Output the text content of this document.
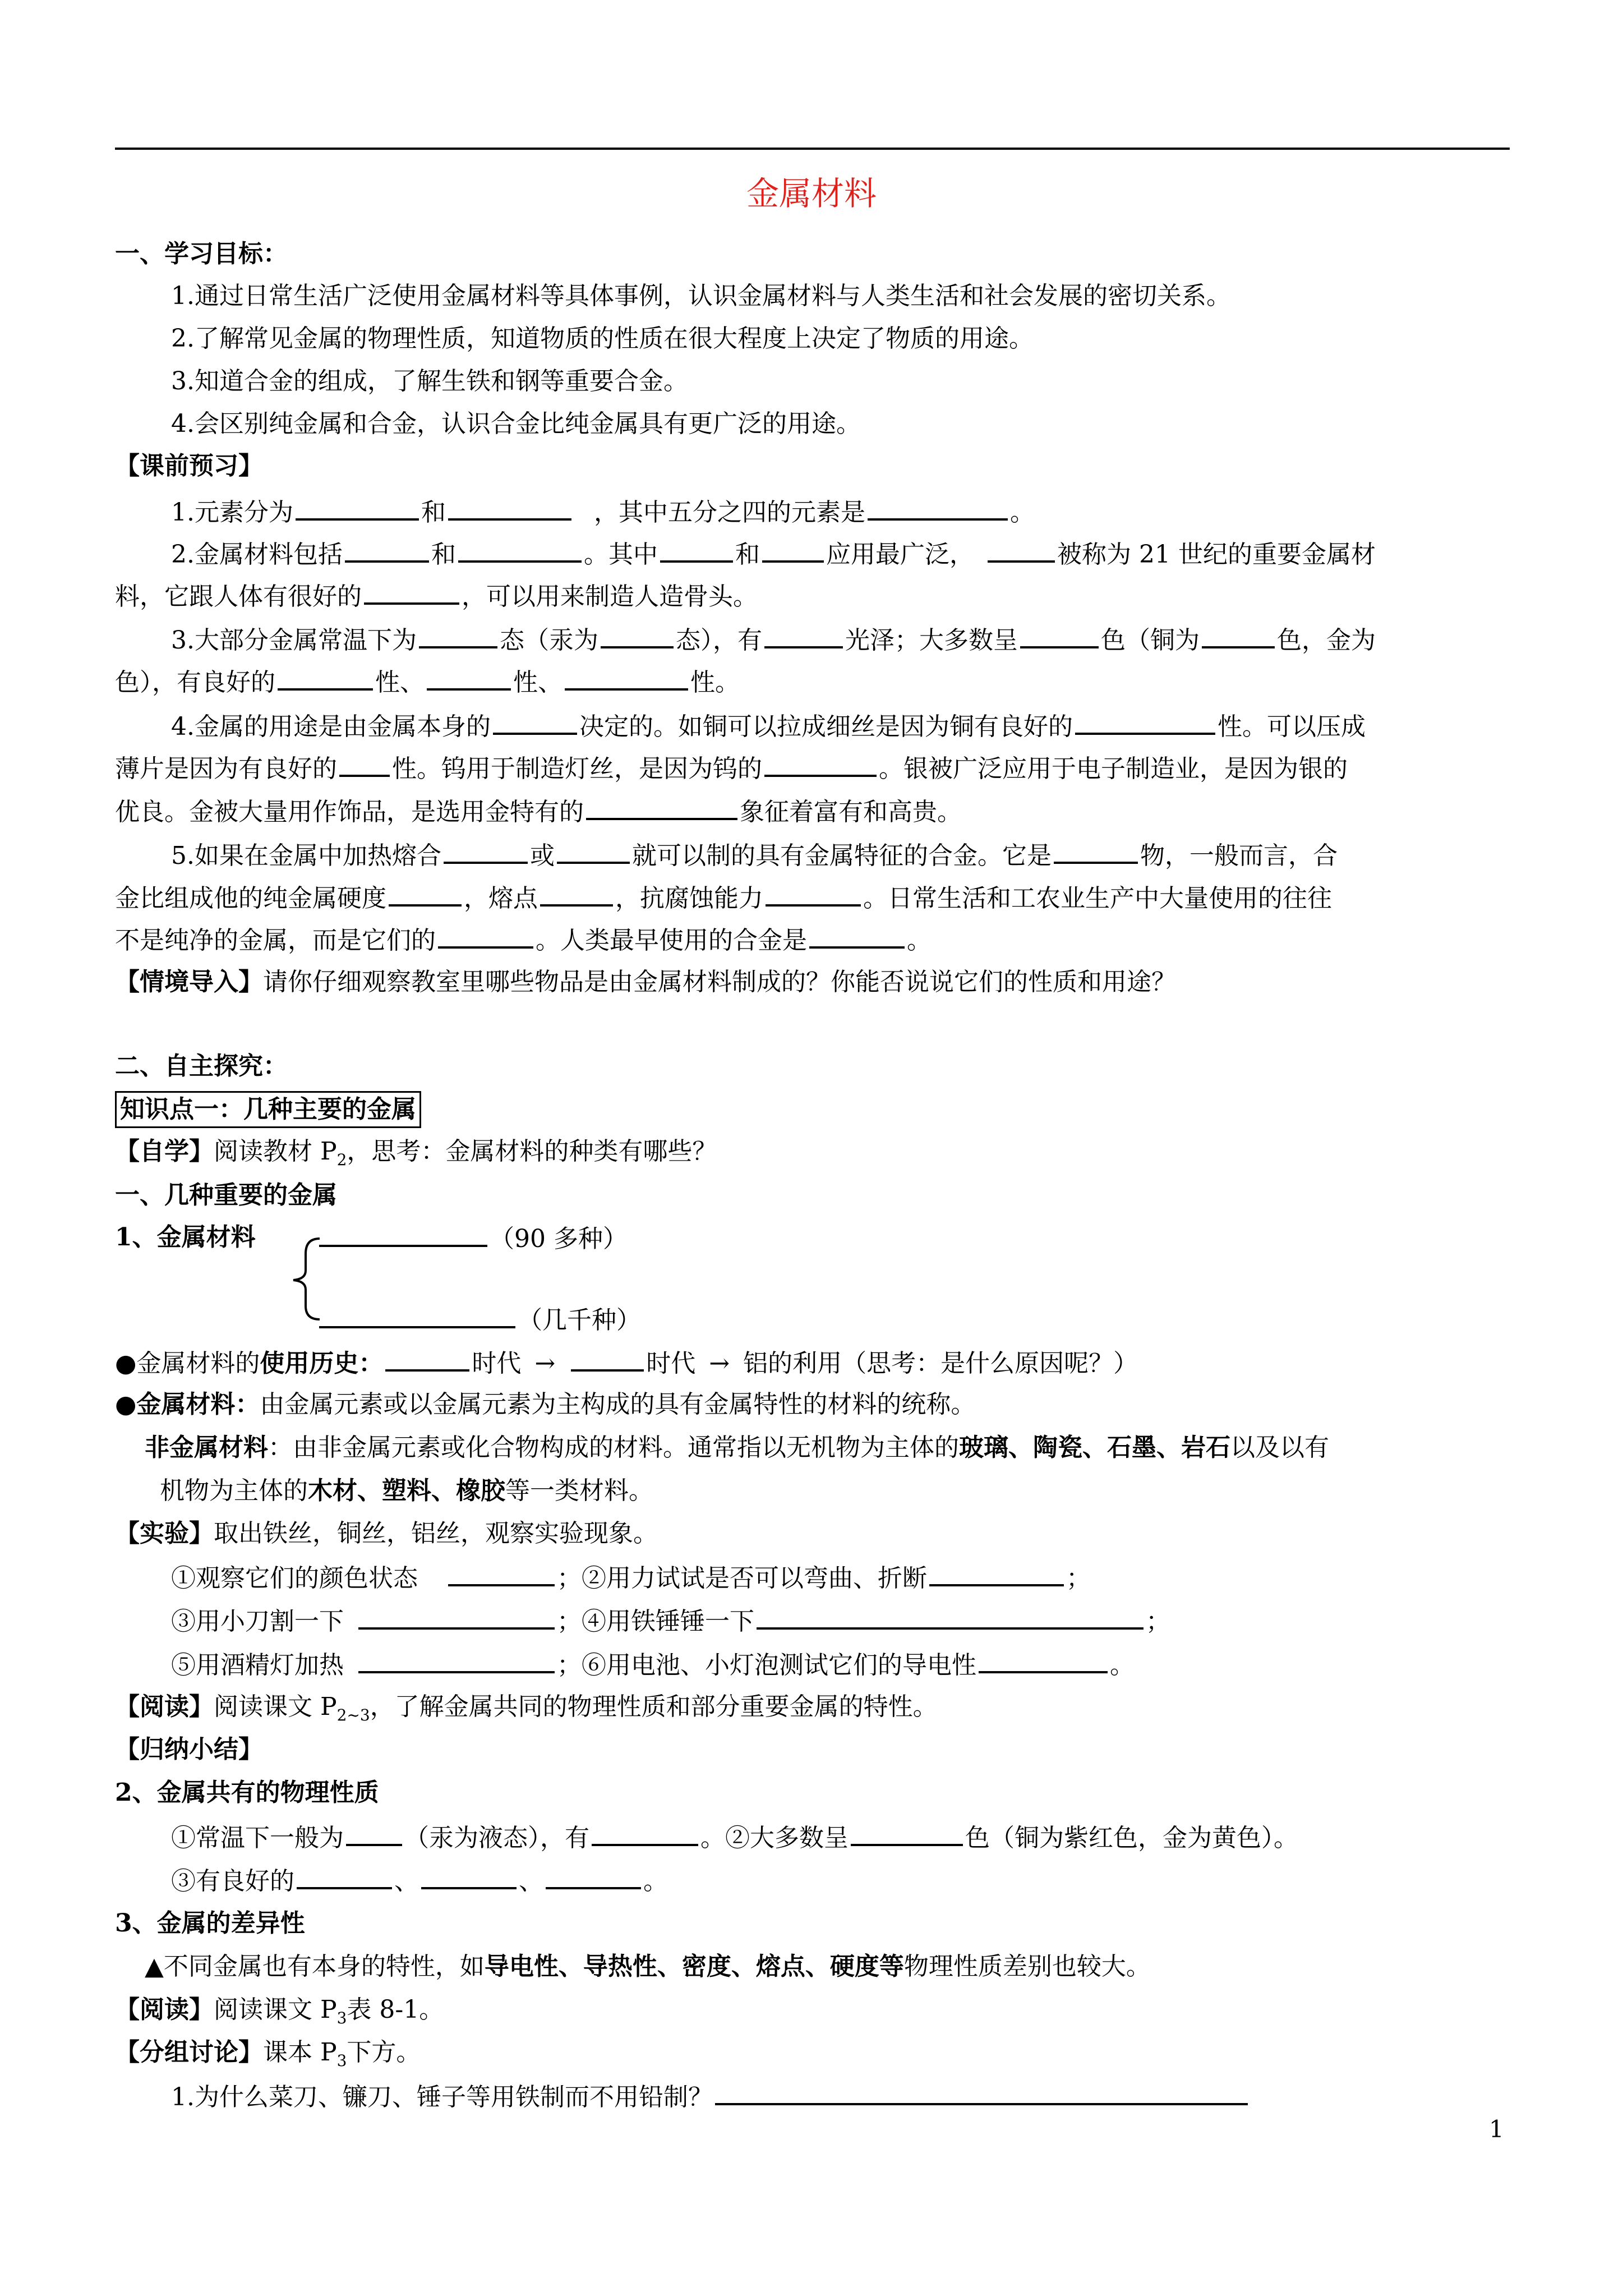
金属材料
一、学习目标：
1.通过日常生活广泛使用金属材料等具体事例，认识金属材料与人类生活和社会发展的密切关系。
2.了解常见金属的物理性质，知道物质的性质在很大程度上决定了物质的用途。
3.知道合金的组成，了解生铁和钢等重要合金。
4.会区别纯金属和合金，认识合金比纯金属具有更广泛的用途。
【课前预习】
1.元素分为	和	，其中五分之四的元素是	。
2.金属材料包括	和	。其中	和	应用最广泛，	被称为 21 世纪的重要金属材
料，它跟人体有很好的	，可以用来制造人造骨头。
3.大部分金属常温下为	态（汞为	态），有	光泽；大多数呈	色（铜为	色，金为
色），有良好的	性、	性、	性。
4.金属的用途是由金属本身的	决定的。如铜可以拉成细丝是因为铜有良好的	性。可以压成
薄片是因为有良好的 性。钨用于制造灯丝，是因为钨的	。银被广泛应用于电子制造业，是因为银的
优良。金被大量用作饰品，是选用金特有的	象征着富有和高贵。
5.如果在金属中加热熔合	或	就可以制的具有金属特征的合金。它是	物，一般而言，合
金比组成他的纯金属硬度	，熔点	，抗腐蚀能力	。日常生活和工农业生产中大量使用的往往
不是纯净的金属，而是它们的	。人类最早使用的合金是	。
【情境导入】请你仔细观察教室里哪些物品是由金属材料制成的？你能否说说它们的性质和用途？
二、自主探究：
知识点一：几种主要的金属
【自学】阅读教材 $P_2$，思考：金属材料的种类有哪些？
一、几种重要的金属
1、金属材料	（90 多种）
（几千种）
●金属材料的使用历史：	时代 →	时代 → 铝的利用（思考：是什么原因呢？）
●金属材料：由金属元素或以金属元素为主构成的具有金属特性的材料的统称。
非金属材料：由非金属元素或化合物构成的材料。通常指以无机物为主体的玻璃、陶瓷、石墨、岩石以及以有
机物为主体的木材、塑料、橡胶等一类材料。
【实验】取出铁丝，铜丝，铝丝，观察实验现象。
①观察它们的颜色状态	；②用力试试是否可以弯曲、折断	；
③用小刀割一下	；④用铁锤锤一下	；
⑤用酒精灯加热	；⑥用电池、小灯泡测试它们的导电性	。
【阅读】阅读课文 $P_{2\sim 3}$，了解金属共同的物理性质和部分重要金属的特性。
【归纳小结】
2、金属共有的物理性质
①常温下一般为 （汞为液态），有	。②大多数呈	色（铜为紫红色，金为黄色）。
③有良好的	、	、	。
3、金属的差异性
▲不同金属也有本身的特性，如导电性、导热性、密度、熔点、硬度等物理性质差别也较大。
【阅读】阅读课文 $P_3$表 8-1。
【分组讨论】课本 $P_3$下方。
1.为什么菜刀、镰刀、锤子等用铁制而不用铅制？
1
